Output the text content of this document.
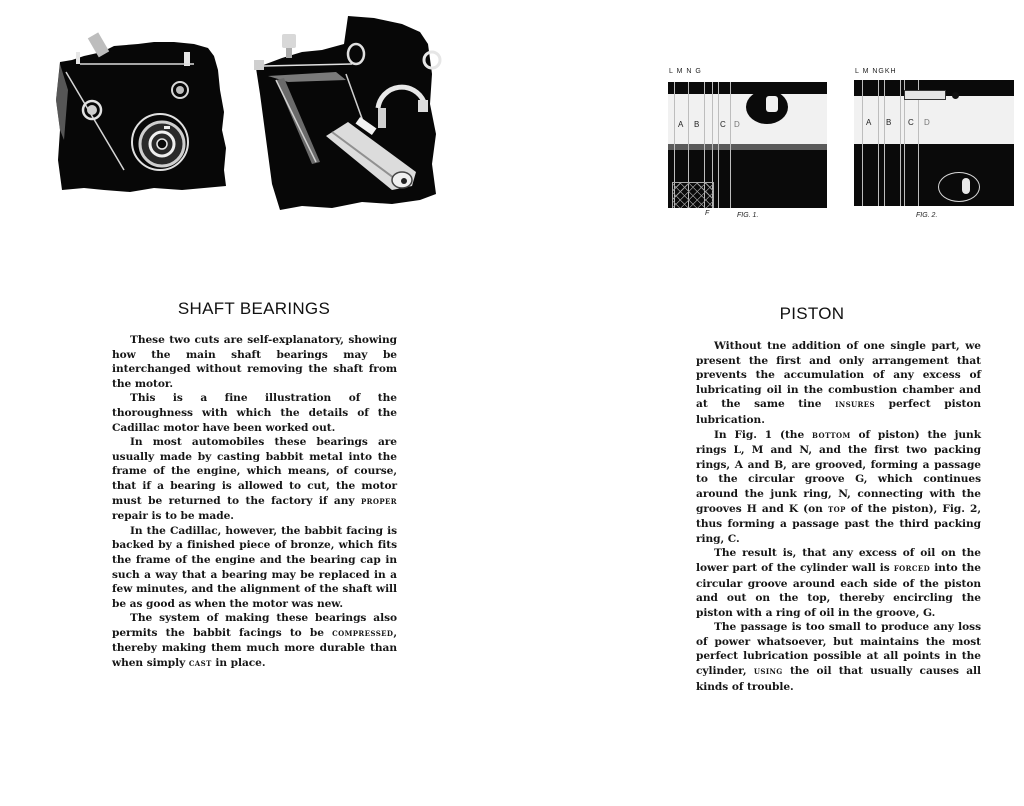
SHAFT BEARINGS

These two cuts are self-explanatory, showing how the main shaft bearings may be interchanged without removing the shaft from the motor.

This is a fine illustration of the thoroughness with which the details of the Cadillac motor have been worked out.

In most automobiles these bearings are usually made by casting babbit metal into the frame of the engine, which means, of course, that if a bearing is allowed to cut, the motor must be returned to the factory if any proper repair is to be made.

In the Cadillac, however, the babbit facing is backed by a finished piece of bronze, which fits the frame of the engine and the bearing cap in such a way that a bearing may be replaced in a few minutes, and the alignment of the shaft will be as good as when the motor was new.

The system of making these bearings also permits the babbit facings to be compressed, thereby making them much more durable than when simply cast in place.

L M N G
A B	C D
F	FIG. 1.
L M NGKH
A B C D
FIG. 2.
PISTON

Without tne addition of one single part, we present the first and only arrangement that prevents the accumulation of any excess of lubricating oil in the combustion chamber and at the same tine insures perfect piston lubrication.

In Fig. 1 (the bottom of piston) the junk rings L, M and N, and the first two packing rings, A and B, are grooved, forming a passage to the circular groove G, which continues around the junk ring, N, connecting with the grooves H and K (on top of the piston), Fig. 2, thus forming a passage past the third packing ring, C.

The result is, that any excess of oil on the lower part of the cylinder wall is forced into the circular groove around each side of the piston and out on the top, thereby encircling the piston with a ring of oil in the groove, G.

The passage is too small to produce any loss of power whatsoever, but maintains the most perfect lubrication possible at all points in the cylinder, using the oil that usually causes all kinds of trouble.
